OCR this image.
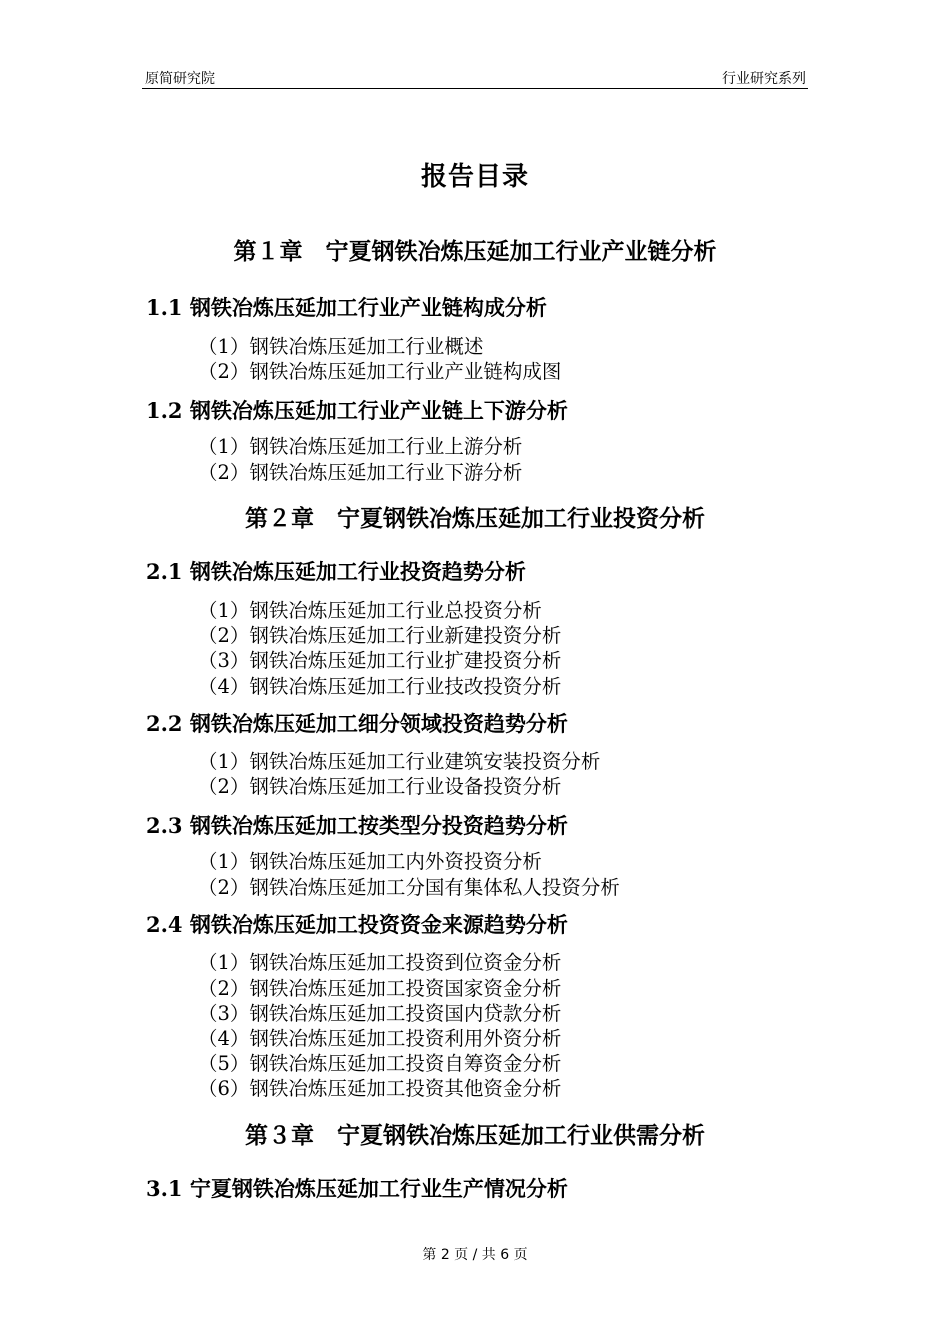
原简研究院	行业研究系列
报告目录
第１章　宁夏钢铁冶炼压延加工行业产业链分析
1.1 钢铁冶炼压延加工行业产业链构成分析
（1）钢铁冶炼压延加工行业概述
（2）钢铁冶炼压延加工行业产业链构成图
1.2 钢铁冶炼压延加工行业产业链上下游分析
（1）钢铁冶炼压延加工行业上游分析
（2）钢铁冶炼压延加工行业下游分析
第２章　宁夏钢铁冶炼压延加工行业投资分析
2.1 钢铁冶炼压延加工行业投资趋势分析
（1）钢铁冶炼压延加工行业总投资分析
（2）钢铁冶炼压延加工行业新建投资分析
（3）钢铁冶炼压延加工行业扩建投资分析
（4）钢铁冶炼压延加工行业技改投资分析
2.2 钢铁冶炼压延加工细分领域投资趋势分析
（1）钢铁冶炼压延加工行业建筑安装投资分析
（2）钢铁冶炼压延加工行业设备投资分析
2.3 钢铁冶炼压延加工按类型分投资趋势分析
（1）钢铁冶炼压延加工内外资投资分析
（2）钢铁冶炼压延加工分国有集体私人投资分析
2.4 钢铁冶炼压延加工投资资金来源趋势分析
（1）钢铁冶炼压延加工投资到位资金分析
（2）钢铁冶炼压延加工投资国家资金分析
（3）钢铁冶炼压延加工投资国内贷款分析
（4）钢铁冶炼压延加工投资利用外资分析
（5）钢铁冶炼压延加工投资自筹资金分析
（6）钢铁冶炼压延加工投资其他资金分析
第３章　宁夏钢铁冶炼压延加工行业供需分析
3.1 宁夏钢铁冶炼压延加工行业生产情况分析
第 2 页 / 共 6 页
